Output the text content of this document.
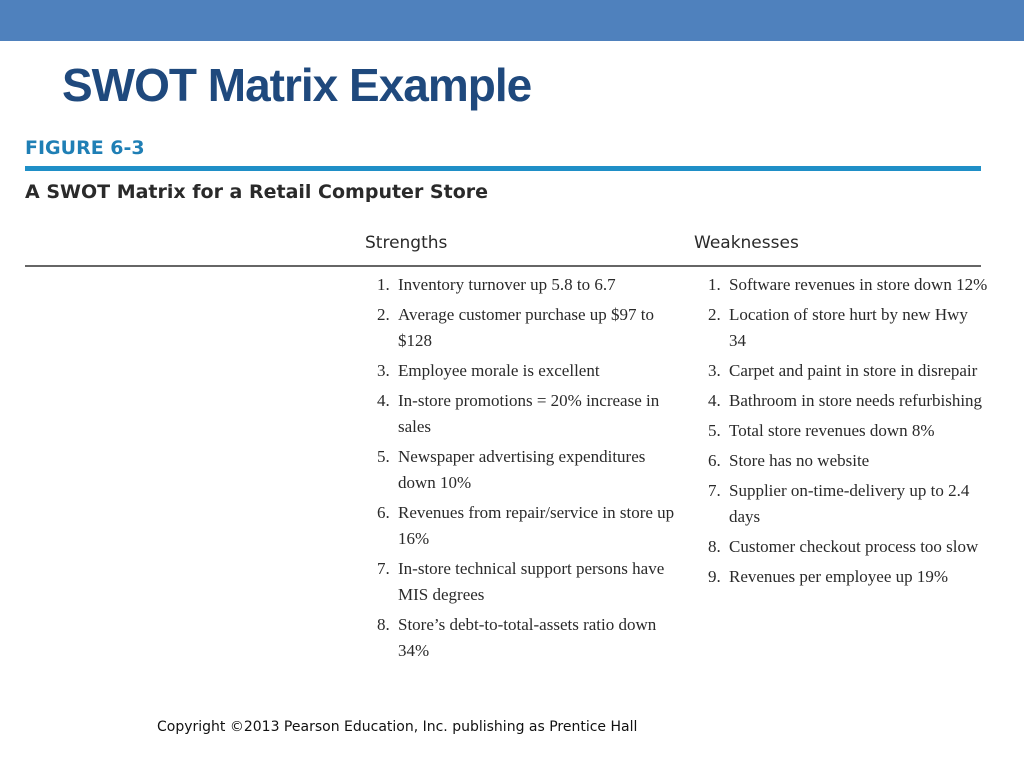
SWOT Matrix Example
FIGURE 6-3
A SWOT Matrix for a Retail Computer Store
Strengths	Weaknesses
1. Inventory turnover up 5.8 to 6.7
2. Average customer purchase up $97 to $128
3. Employee morale is excellent
4. In-store promotions = 20% increase in sales
5. Newspaper advertising expenditures down 10%
6. Revenues from repair/service in store up 16%
7. In-store technical support persons have MIS degrees
8. Store’s debt-to-total-assets ratio down 34%
1. Software revenues in store down 12%
2. Location of store hurt by new Hwy 34
3. Carpet and paint in store in disrepair
4. Bathroom in store needs refurbishing
5. Total store revenues down 8%
6. Store has no website
7. Supplier on-time-delivery up to 2.4 days
8. Customer checkout process too slow
9. Revenues per employee up 19%
Copyright ©2013 Pearson Education, Inc. publishing as Prentice Hall
